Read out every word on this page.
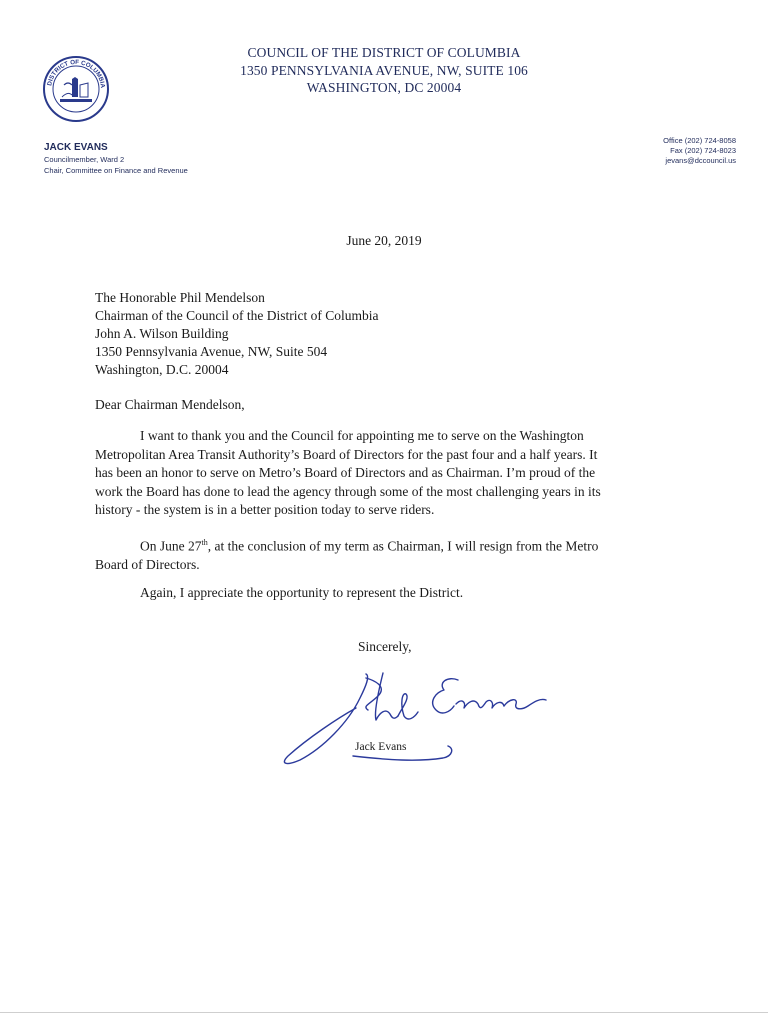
DISTRICT OF COLUMBIA
COUNCIL OF THE DISTRICT OF COLUMBIA
1350 PENNSYLVANIA AVENUE, NW, SUITE 106
WASHINGTON, DC 20004
JACK EVANS
Councilmember, Ward 2
Chair, Committee on Finance and Revenue
Office (202) 724-8058
Fax (202) 724-8023
jevans@dccouncil.us
June 20, 2019
The Honorable Phil Mendelson
Chairman of the Council of the District of Columbia
John A. Wilson Building
1350 Pennsylvania Avenue, NW, Suite 504
Washington, D.C. 20004
Dear Chairman Mendelson,
I want to thank you and the Council for appointing me to serve on the Washington
Metropolitan Area Transit Authority’s Board of Directors for the past four and a half years. It
has been an honor to serve on Metro’s Board of Directors and as Chairman. I’m proud of the
work the Board has done to lead the agency through some of the most challenging years in its
history - the system is in a better position today to serve riders.
On June 27th, at the conclusion of my term as Chairman, I will resign from the Metro
Board of Directors.
Again, I appreciate the opportunity to represent the District.
Sincerely,
Jack Evans
